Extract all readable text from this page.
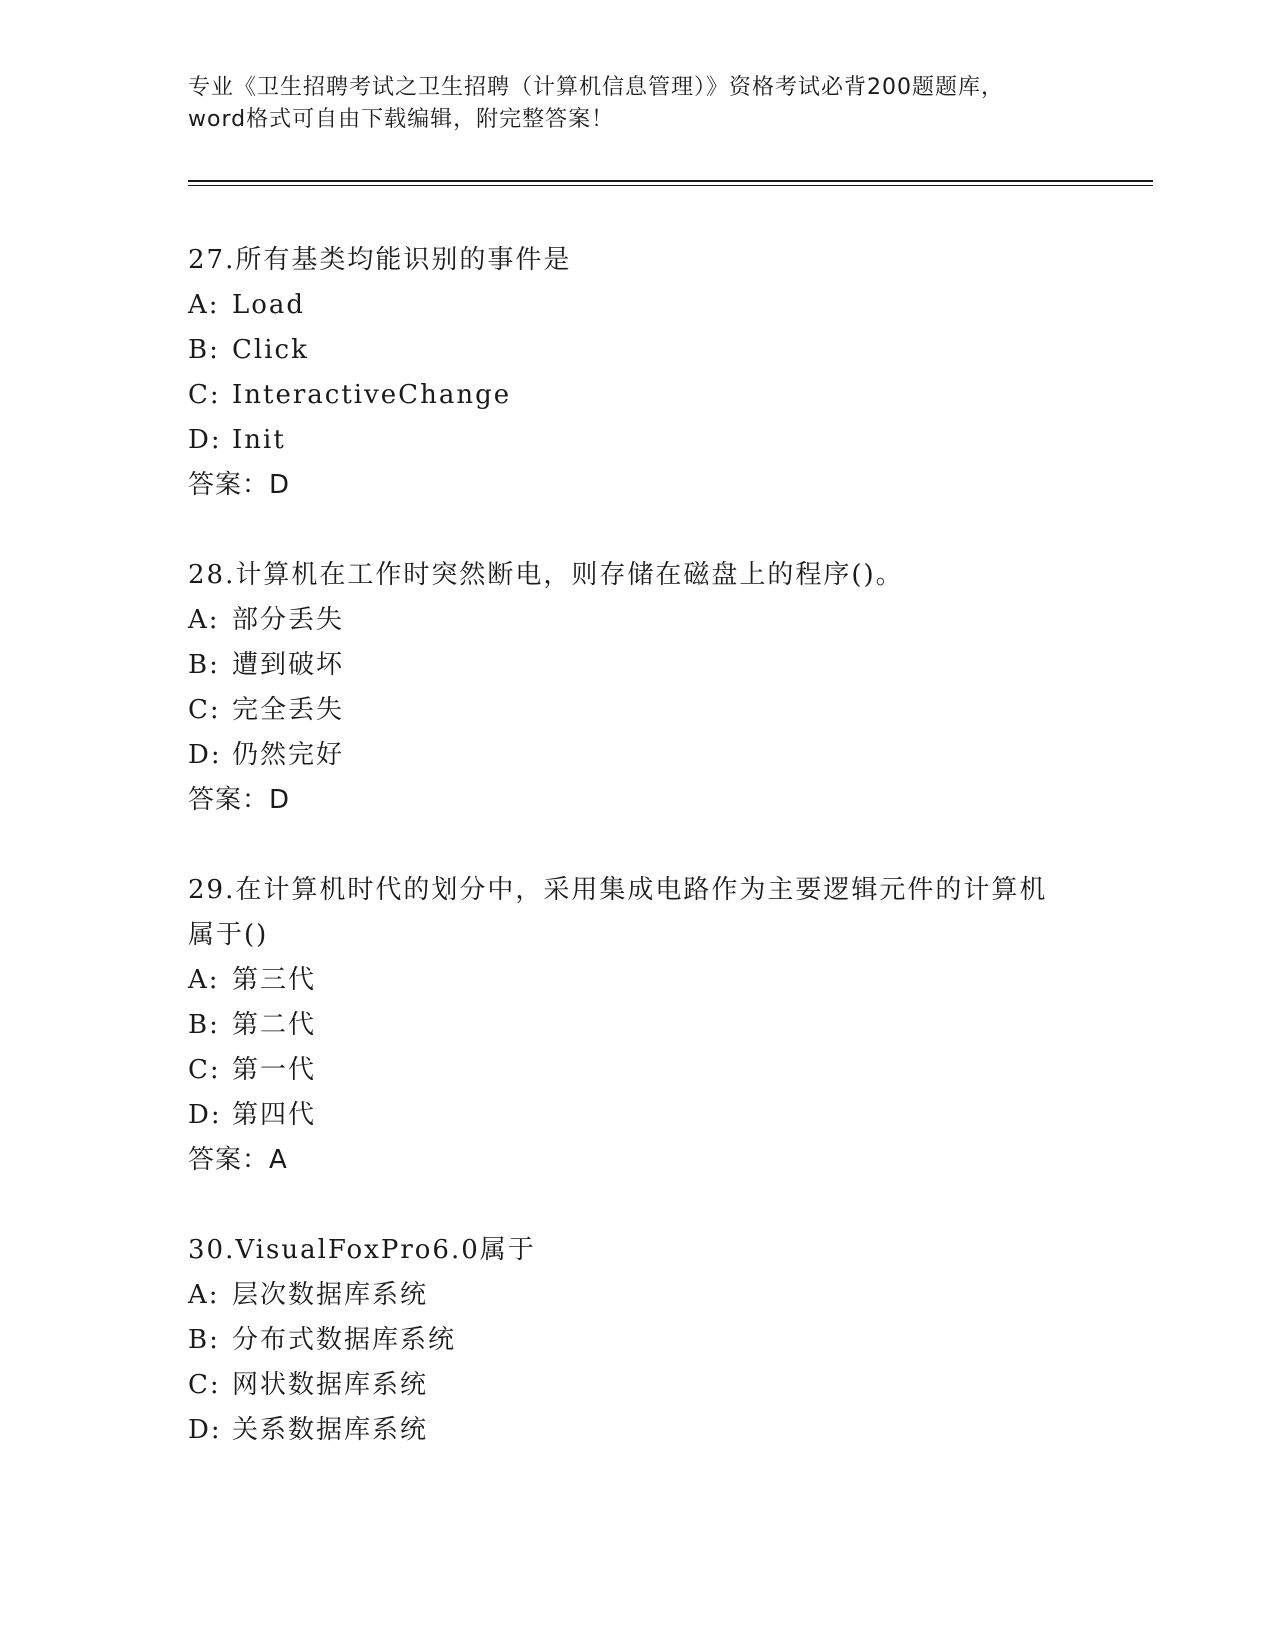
专业《卫生招聘考试之卫生招聘（计算机信息管理）》资格考试必背200题题库，

word格式可自由下载编辑，附完整答案！

27.所有基类均能识别的事件是

A: Load

B: Click

C: InteractiveChange

D: Init

答案：D

28.计算机在工作时突然断电，则存储在磁盘上的程序()。

A: 部分丢失

B: 遭到破坏

C: 完全丢失

D: 仍然完好

答案：D

29.在计算机时代的划分中，采用集成电路作为主要逻辑元件的计算机属于()

A: 第三代

B: 第二代

C: 第一代

D: 第四代

答案：A

30.VisualFoxPro6.0属于

A: 层次数据库系统

B: 分布式数据库系统

C: 网状数据库系统

D: 关系数据库系统
